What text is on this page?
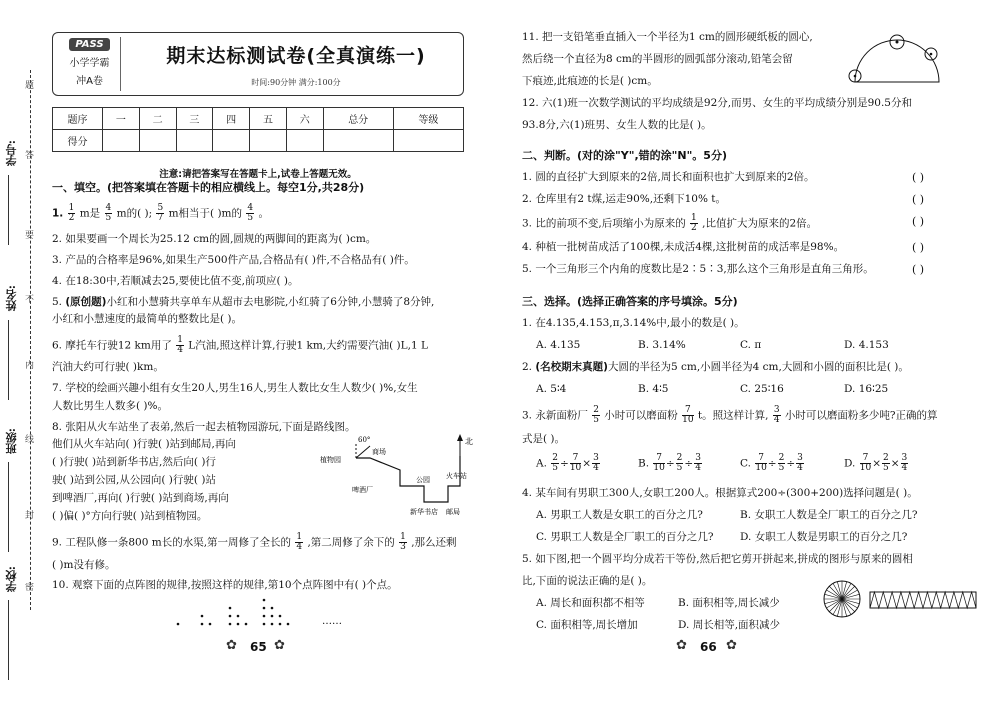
题
答
要
不
内
线
封
密
学号:
姓名:
班级:
学校:
PASS
小学学霸
冲A卷
期末达标测试卷(全真演练一)
时间:90分钟 满分:100分
题序	一	二	三	四	五	六	总分	等级
得分								
注意:请把答案写在答题卡上,试卷上答题无效。
一、填空。(把答案填在答题卡的相应横线上。每空1分,共28分)
1. $\frac{1}{2}$ m是 $\frac{4}{5}$ m的( ); $\frac{5}{7}$ m相当于( )m的 $\frac{4}{5}$ 。
2. 如果要画一个周长为25.12 cm的圆,圆规的两脚间的距离为( )cm。
3. 产品的合格率是96%,如果生产500件产品,合格品有( )件,不合格品有( )件。
4. 在18:30中,若顺减去25,要使比值不变,前项应( )。
5. (原创题)小红和小慧骑共享单车从超市去电影院,小红骑了6分钟,小慧骑了8分钟,
小红和小慧速度的最简单的整数比是( )。
6. 摩托车行驶12 km用了 $\frac{1}{4}$ L汽油,照这样计算,行驶1 km,大约需要汽油( )L,1 L
汽油大约可行驶( )km。
7. 学校的绘画兴趣小组有女生20人,男生16人,男生人数比女生人数少( )%,女生
人数比男生人数多( )%。
8. 张阳从火车站坐了表弟,然后一起去植物园游玩,下面是路线图。
他们从火车站向( )行驶( )站到邮局,再向
( )行驶( )站到新华书店,然后向( )行
驶( )站到公园,从公园向( )行驶( )站
到啤酒厂,再向( )行驶( )站到商场,再向
( )偏( )°方向行驶( )站到植物园。
北
60°
植物园
商场
啤酒厂
公园 火车站
新华书店 邮局
9. 工程队修一条800 m长的水渠,第一周修了全长的 $\frac{1}{4}$ ,第二周修了余下的 $\frac{1}{3}$ ,那么还剩
( )m没有修。
10. 观察下面的点阵图的规律,按照这样的规律,第10个点阵图中有( )个点。
……
✿ 65 ✿
11. 把一支铅笔垂直插入一个半径为1 cm的圆形硬纸板的圆心,
然后绕一个直径为8 cm的半圆形的圆弧部分滚动,铅笔会留
下痕迹,此痕迹的长是( )cm。
12. 六(1)班一次数学测试的平均成绩是92分,而男、女生的平均成绩分别是90.5分和
93.8分,六(1)班男、女生人数的比是( )。
二、判断。(对的涂"Y",错的涂"N"。5分)
1. 圆的直径扩大到原来的2倍,周长和面积也扩大到原来的2倍。	( )
2. 仓库里有2 t煤,运走90%,还剩下10% t。	( )
3. 比的前项不变,后项缩小为原来的 $\frac{1}{2}$ ,比值扩大为原来的2倍。	( )
4. 种植一批树苗成活了100棵,未成活4棵,这批树苗的成活率是98%。	( )
5. 一个三角形三个内角的度数比是2∶5∶3,那么这个三角形是直角三角形。	( )
三、选择。(选择正确答案的序号填涂。5分)
1. 在4.135,4.153,π,3.14%中,最小的数是( )。
A. 4.135	B. 3.14%	C. π	D. 4.153
2. (名校期末真题)大圆的半径为5 cm,小圆半径为4 cm,大圆和小圆的面积比是( )。
A. 5∶4	B. 4∶5	C. 25∶16	D. 16∶25
3. 永新面粉厂 $\frac{2}{5}$ 小时可以磨面粉 $\frac{7}{10}$ t。照这样计算, $\frac{3}{4}$ 小时可以磨面粉多少吨?正确的算
式是( )。
A. $\frac{2}{5} \div \frac{7}{10} \times \frac{3}{4}$	B. $\frac{7}{10} \div \frac{2}{5} \div \frac{3}{4}$	C. $\frac{7}{10} \div \frac{2}{5} \div \frac{3}{4}$	D. $\frac{7}{10} \times \frac{2}{5} \times \frac{3}{4}$
4. 某车间有男职工300人,女职工200人。根据算式200÷(300+200)选择问题是( )。
A. 男职工人数是女职工的百分之几?	B. 女职工人数是全厂职工的百分之几?
C. 男职工人数是全厂职工的百分之几?	D. 女职工人数是男职工的百分之几?
5. 如下图,把一个圆平均分成若干等份,然后把它剪开拼起来,拼成的图形与原来的圆相
比,下面的说法正确的是( )。
A. 周长和面积都不相等	B. 面积相等,周长减少
C. 面积相等,周长增加	D. 周长相等,面积减少
✿ 66 ✿
